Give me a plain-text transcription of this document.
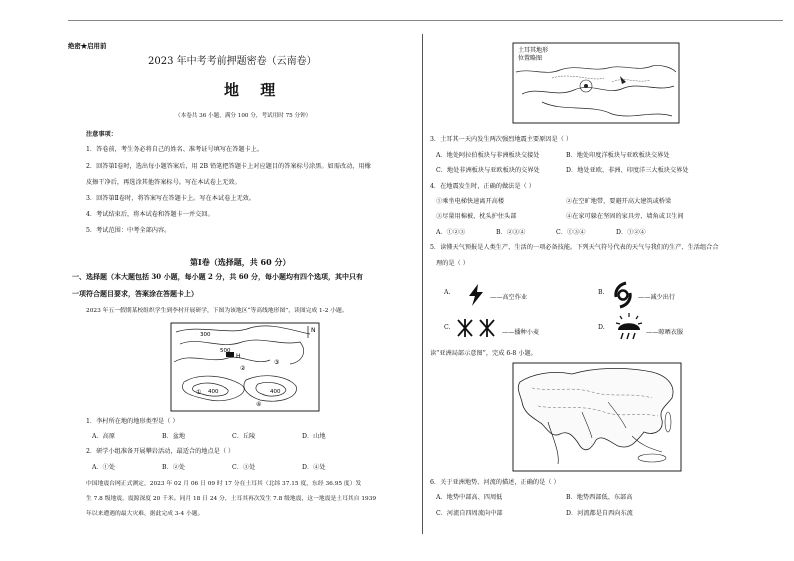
绝密★启用前
2023 年中考考前押题密卷（云南卷）
地 理
（本卷共 36 小题，满分 100 分，考试用时 75 分钟）
注意事项：
1．答卷前，考生务必将自己的姓名、准考证号填写在答题卡上。
2．回答第Ⅰ卷时，选出每小题答案后，用 2B 铅笔把答题卡上对应题目的答案标号涂黑。如需改动，用橡
皮擦干净后，再选涂其他答案标号。写在本试卷上无效。
3．回答第Ⅱ卷时，将答案写在答题卡上。写在本试卷上无效。
4．考试结束后，将本试卷和答题卡一并交回。
5．考试范围：中考全部内容。
第Ⅰ卷（选择题，共 60 分）
一、选择题（本大题包括 30 小题，每小题 2 分，共 60 分，每小题均有四个选项，其中只有
一项符合题目要求，答案涂在答题卡上）
2023 年五一假期某校组织学生到李村开展研学，下图为该地区“等高线地形图”，读图完成 1-2 小题。
H
300
500
400	400
①
②
③
④
N
1．李村所在地的地形类型是（ ）
A．高原	B．盆地	C．丘陵	D．山地
2．研学小组准备开展攀岩活动，最适合的地点是（ ）
A．①处	B．②处	C．③处	D．④处
中国地震台网正式测定，2023 年 02 月 06 日 09 时 17 分在土耳其（北纬 37.15 度，东经 36.95 度）发
生 7.8 级地震，震源深度 20 千米。同月 18 日 24 分，土耳其再次发生 7.8 级地震，这一地震是土耳其自 1939
年以来遭遇的最大灾难，据此完成 3-4 小题。
土耳其地形
位置略图
3．土耳其一天内发生两次强烈地震主要原因是（ ）
A．地处阿拉伯板块与非洲板块交接处	B．地处印度洋板块与亚欧板块交界处
C．地处非洲板块与亚欧板块的交界处	D．地处亚欧、非洲、印度洋三大板块交界处
4．在地震发生时，正确的做法是（ ）
①乘坐电梯快速离开高楼	②在空旷地带，要避开高大建筑或桥梁
③尽量用棉被、枕头护住头部	④在家可躲在坚固的家具旁、墙角或卫生间
A．①②③	B．②③④	C．①③④	D．①②④
5．读懂天气预报是人类生产、生活的一项必备技能。下列天气符号代表的天气与我们的生产、生活组合合
理的是（ ）
A.
——高空作业
B.
——减少出行
C.
——播种小麦
D.
——晾晒衣服
读“亚洲局部示意图”，完成 6-8 小题。
6．关于亚洲地势、河流的描述，正确的是（ ）
A．地势中部高、四周低	B．地势西部低、东部高
C．河流自四周流向中部	D．河流都是自西向东流
